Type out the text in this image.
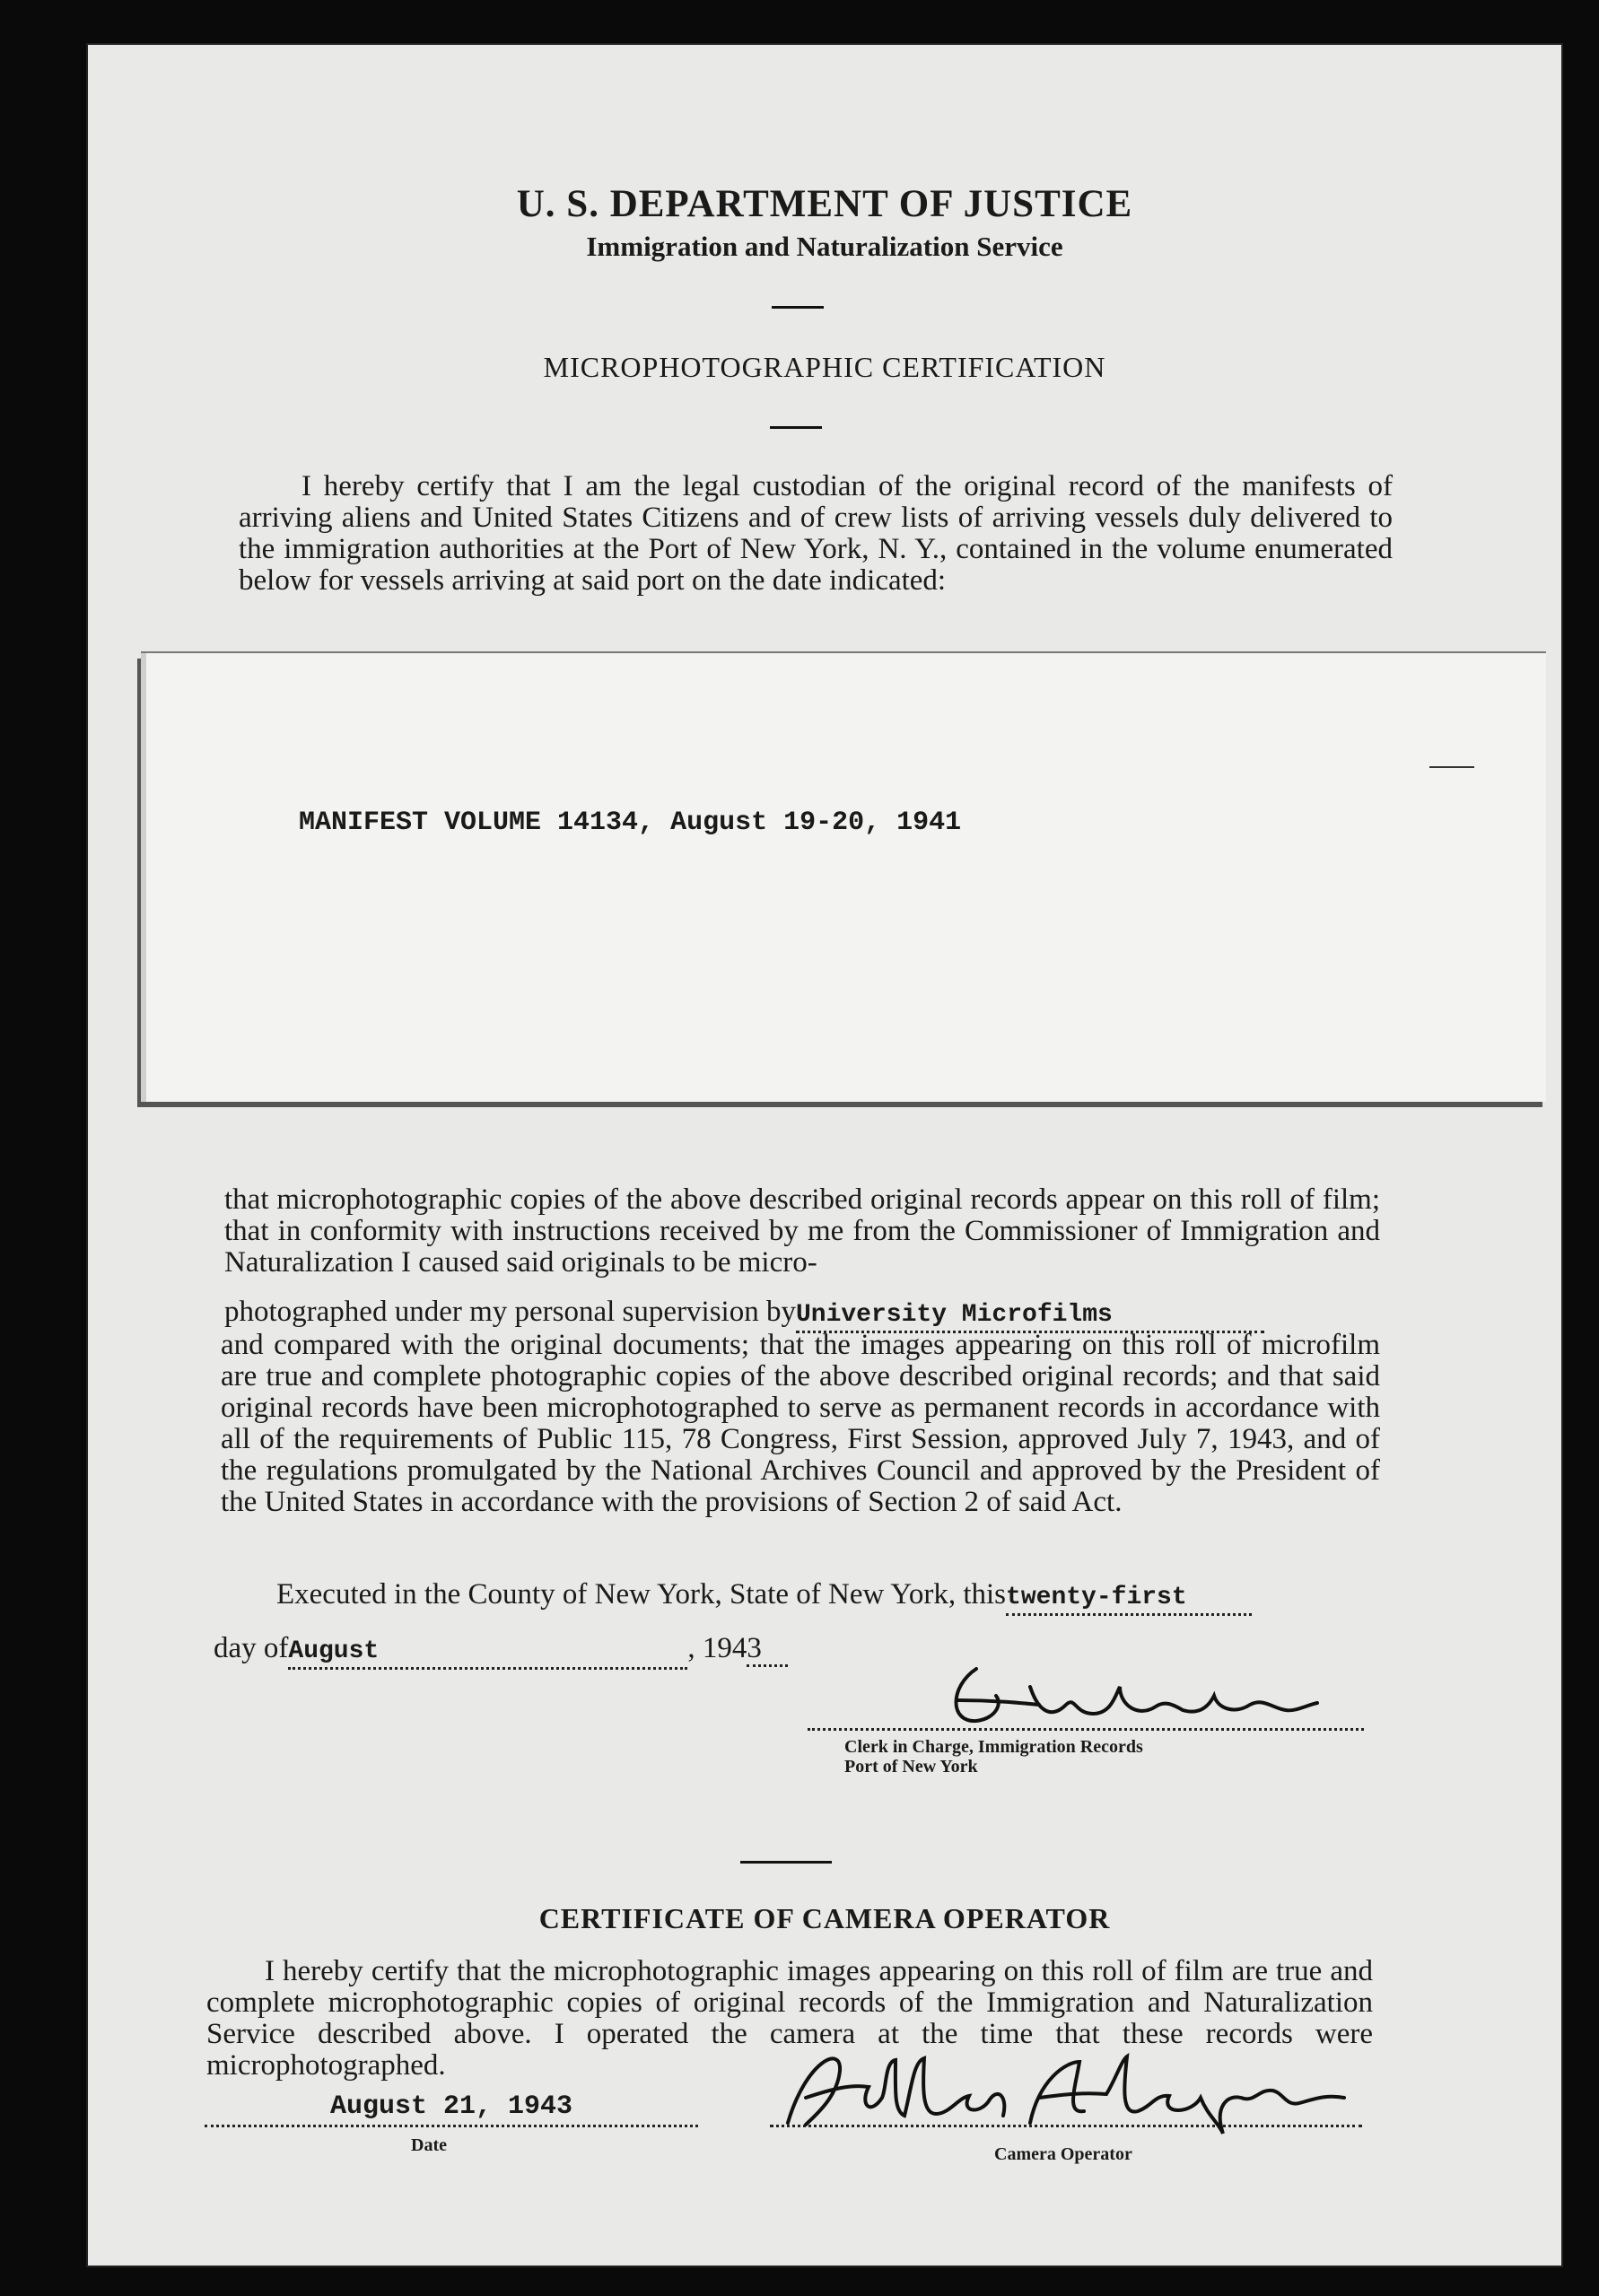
U. S. DEPARTMENT OF JUSTICE
Immigration and Naturalization Service
MICROPHOTOGRAPHIC CERTIFICATION
I hereby certify that I am the legal custodian of the original record of the manifests of arriving aliens and United States Citizens and of crew lists of arriving vessels duly delivered to the immigration authorities at the Port of New York, N. Y., contained in the volume enumerated below for vessels arriving at said port on the date indicated:
that microphotographic copies of the above described original records appear on this roll of film; that in conformity with instructions received by me from the Commissioner of Immigration and Naturalization I caused said originals to be micro-
photographed under my personal supervision byUniversity Microfilms
and compared with the original documents; that the images appearing on this roll of microfilm are true and complete photographic copies of the above described original records; and that said original records have been microphotographed to serve as permanent records in accordance with all of the requirements of Public 115, 78 Congress, First Session, approved July 7, 1943, and of the regulations promulgated by the National Archives Council and approved by the President of the United States in accordance with the provisions of Section 2 of said Act.
Executed in the County of New York, State of New York, thistwenty-first
day ofAugust	, 1943
Clerk in Charge, Immigration Records
Port of New York
CERTIFICATE OF CAMERA OPERATOR
I hereby certify that the microphotographic images appearing on this roll of film are true and complete microphotographic copies of original records of the Immigration and Naturalization Service described above. I operated the camera at the time that these records were microphotographed.
August 21, 1943
Date	Camera Operator
MANIFEST VOLUME 14134, August 19-20, 1941
